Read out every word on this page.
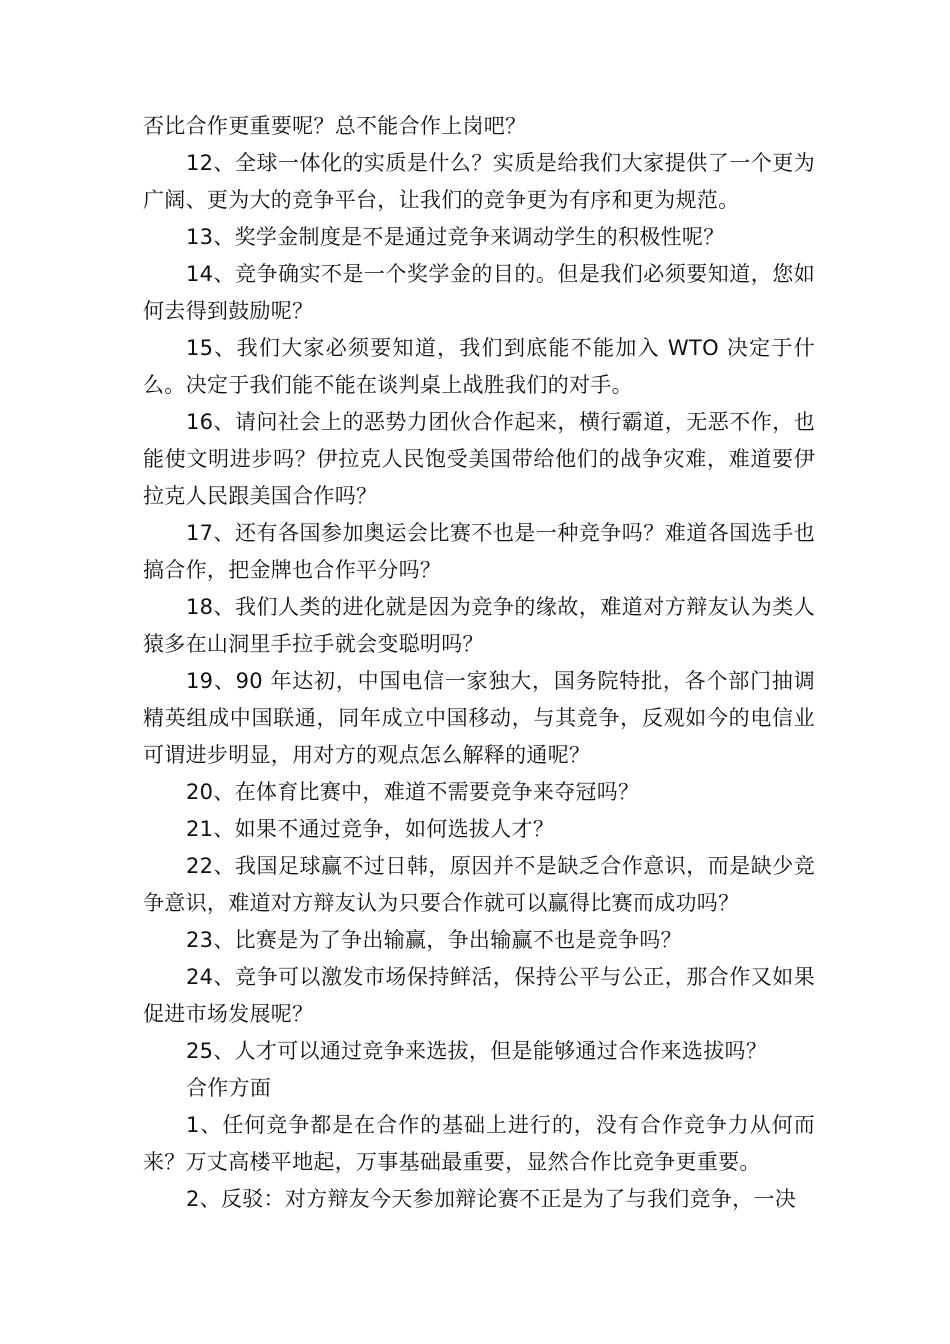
否比合作更重要呢？总不能合作上岗吧？

12、全球一体化的实质是什么？实质是给我们大家提供了一个更为广阔、更为大的竞争平台，让我们的竞争更为有序和更为规范。

13、奖学金制度是不是通过竞争来调动学生的积极性呢？

14、竞争确实不是一个奖学金的目的。但是我们必须要知道，您如何去得到鼓励呢？

15、我们大家必须要知道，我们到底能不能加入 WTO 决定于什么。决定于我们能不能在谈判桌上战胜我们的对手。

16、请问社会上的恶势力团伙合作起来，横行霸道，无恶不作，也能使文明进步吗？伊拉克人民饱受美国带给他们的战争灾难，难道要伊拉克人民跟美国合作吗？

17、还有各国参加奥运会比赛不也是一种竞争吗？难道各国选手也搞合作，把金牌也合作平分吗？

18、我们人类的进化就是因为竞争的缘故，难道对方辩友认为类人猿多在山洞里手拉手就会变聪明吗？

19、90 年达初，中国电信一家独大，国务院特批，各个部门抽调精英组成中国联通，同年成立中国移动，与其竞争，反观如今的电信业可谓进步明显，用对方的观点怎么解释的通呢？

20、在体育比赛中，难道不需要竞争来夺冠吗？

21、如果不通过竞争，如何选拔人才？

22、我国足球赢不过日韩，原因并不是缺乏合作意识，而是缺少竞争意识，难道对方辩友认为只要合作就可以赢得比赛而成功吗？

23、比赛是为了争出输赢，争出输赢不也是竞争吗？

24、竞争可以激发市场保持鲜活，保持公平与公正，那合作又如果促进市场发展呢？

25、人才可以通过竞争来选拔，但是能够通过合作来选拔吗？

合作方面

1、任何竞争都是在合作的基础上进行的，没有合作竞争力从何而来？万丈高楼平地起，万事基础最重要，显然合作比竞争更重要。

2、反驳：对方辩友今天参加辩论赛不正是为了与我们竞争，一决
